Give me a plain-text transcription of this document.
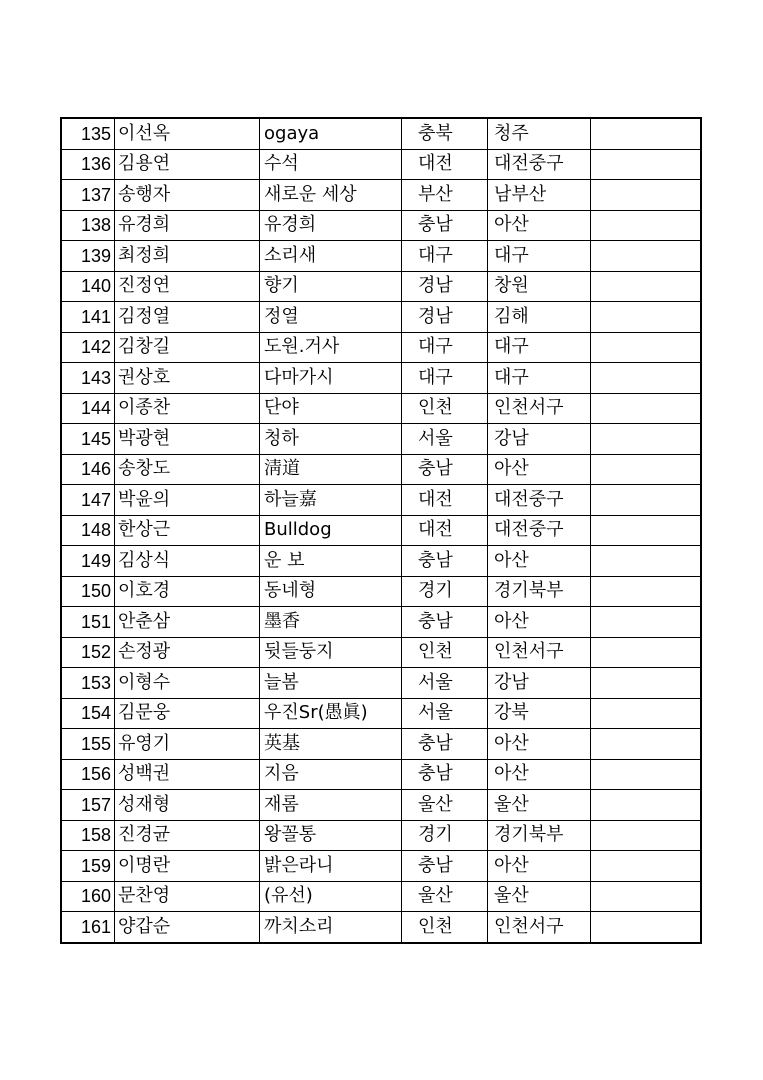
135	이선옥	ogaya	충북	청주	
136	김용연	수석	대전	대전중구	
137	송행자	새로운 세상	부산	남부산	
138	유경희	유경희	충남	아산	
139	최정희	소리새	대구	대구	
140	진정연	향기	경남	창원	
141	김정열	정열	경남	김해	
142	김창길	도원.거사	대구	대구	
143	권상호	다마가시	대구	대구	
144	이종찬	단야	인천	인천서구	
145	박광현	청하	서울	강남	
146	송창도	淸道	충남	아산	
147	박윤의	하늘嘉	대전	대전중구	
148	한상근	Bulldog	대전	대전중구	
149	김상식	운 보	충남	아산	
150	이호경	동네형	경기	경기북부	
151	안춘삼	墨香	충남	아산	
152	손정광	뒷들둥지	인천	인천서구	
153	이형수	늘봄	서울	강남	
154	김문웅	우진Sr(愚眞)	서울	강북	
155	유영기	英基	충남	아산	
156	성백권	지음	충남	아산	
157	성재형	재롬	울산	울산	
158	진경균	왕꼴통	경기	경기북부	
159	이명란	밝은라니	충남	아산	
160	문찬영	(유선)	울산	울산	
161	양갑순	까치소리	인천	인천서구	
